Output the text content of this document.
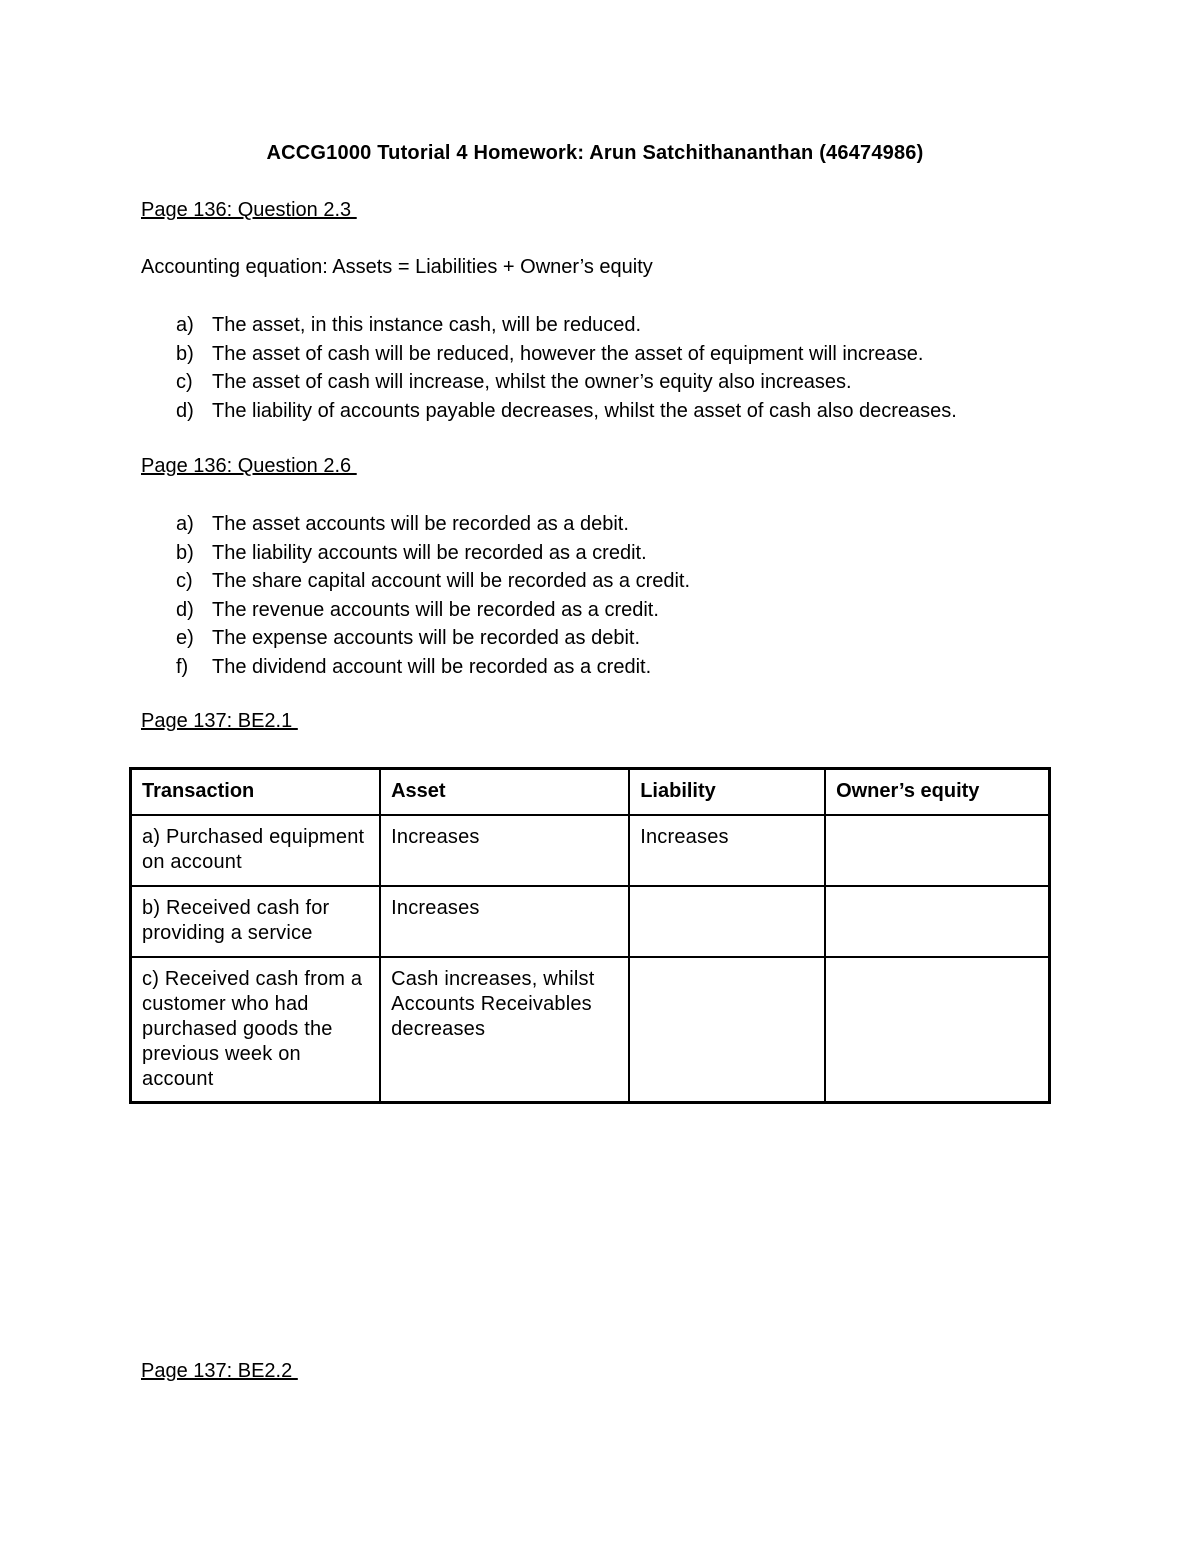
ACCG1000 Tutorial 4 Homework: Arun Satchithananthan (46474986)
Page 136: Question 2.3
Accounting equation: Assets = Liabilities + Owner’s equity
a) The asset, in this instance cash, will be reduced.
b) The asset of cash will be reduced, however the asset of equipment will increase.
c) The asset of cash will increase, whilst the owner’s equity also increases.
d) The liability of accounts payable decreases, whilst the asset of cash also decreases.
Page 136: Question 2.6
a) The asset accounts will be recorded as a debit.
b) The liability accounts will be recorded as a credit.
c) The share capital account will be recorded as a credit.
d) The revenue accounts will be recorded as a credit.
e) The expense accounts will be recorded as debit.
f) The dividend account will be recorded as a credit.
Page 137: BE2.1
Transaction	Asset	Liability	Owner’s equity
a) Purchased equipment on account	Increases	Increases	
b) Received cash for providing a service	Increases		
c) Received cash from a customer who had purchased goods the previous week on account	Cash increases, whilst Accounts Receivables decreases		
Page 137: BE2.2
